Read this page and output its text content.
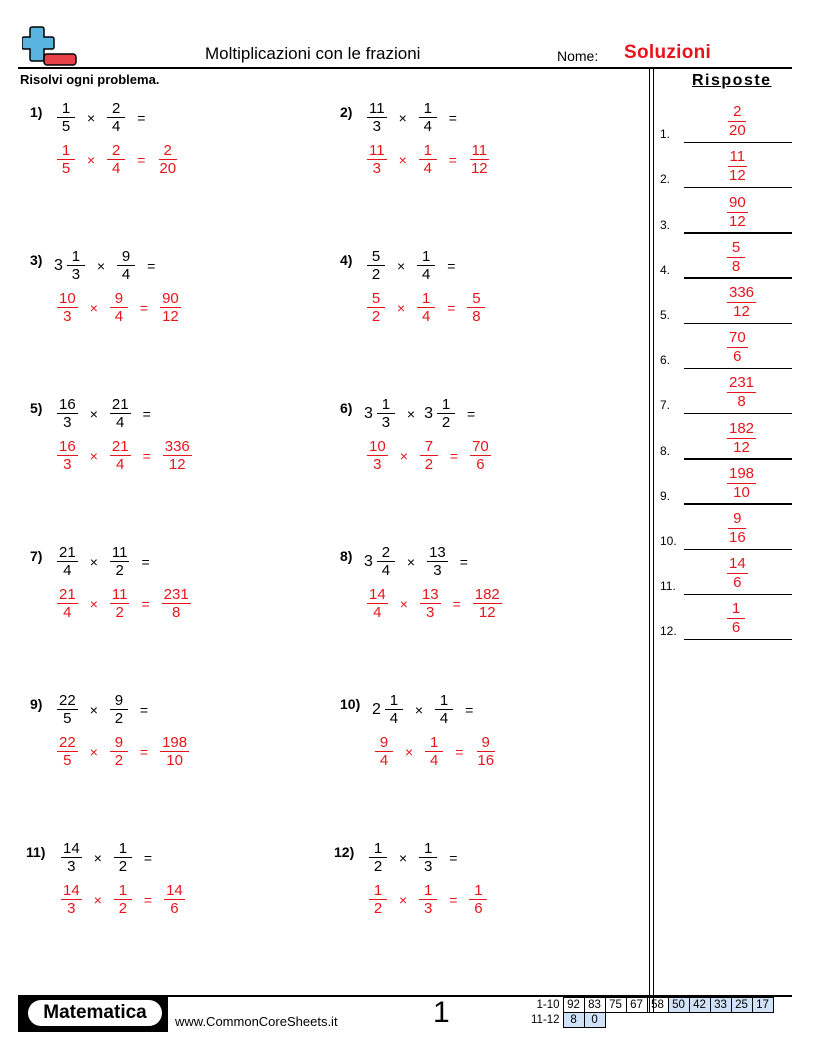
Moltiplicazioni con le frazioni	Nome: Soluzioni
Risolvi ogni problema.	Risposte
$1) \frac{1}{5} \times \frac{2}{4}$ =
$\frac{1}{5} \times \frac{2}{4} = \frac{2}{20}$
$2) \frac{11}{3} \times \frac{1}{4}$ =
$\frac{11}{3} \times \frac{1}{4} = \frac{11}{12}$
3) $3 \frac{1}{3} \times \frac{9}{4}$ =
$\frac{10}{3} \times \frac{9}{4} = \frac{90}{12}$
$4) \frac{5}{2} \times \frac{1}{4}$ =
$\frac{5}{2} \times \frac{1}{4} = \frac{5}{8}$
$5) \frac{16}{3} \times \frac{21}{4}$ =
$\frac{16}{3} \times \frac{21}{4} = \frac{336}{12}$
6) $3 \frac{1}{3} \times 3 \frac{1}{2}$ =
$\frac{10}{3} \times \frac{7}{2} = \frac{70}{6}$
$7) \frac{21}{4} \times \frac{11}{2}$ =
$\frac{21}{4} \times \frac{11}{2} = \frac{231}{8}$
8) $3 \frac{2}{4} \times \frac{13}{3}$ =
$\frac{14}{4} \times \frac{13}{3} = \frac{182}{12}$
$9) \frac{22}{5} \times \frac{9}{2}$ =
$\frac{22}{5} \times \frac{9}{2} = \frac{198}{10}$
10) $2 \frac{1}{4} \times \frac{1}{4}$ =
$\frac{9}{4} \times \frac{1}{4} = \frac{9}{16}$
$11) \frac{14}{3} \times \frac{1}{2}$ =
$\frac{14}{3} \times \frac{1}{2} = \frac{14}{6}$
$12) \frac{1}{2} \times \frac{1}{3}$ =
$\frac{1}{2} \times \frac{1}{3} = \frac{1}{6}$
1.	$\frac{2}{20}$
2.	$\frac{11}{12}$
3.	$\frac{90}{12}$
4.	$\frac{5}{8}$
5.	$\frac{336}{12}$
6.	$\frac{70}{6}$
7.	$\frac{231}{8}$
8.	$\frac{182}{12}$
9.	$\frac{198}{10}$
10.	$\frac{9}{16}$
11.	$\frac{14}{6}$
12.	$\frac{1}{6}$
Matematica	www.CommonCoreSheets.it	1	1-10	92	83	75	67	58	50	42	33	25	17
11-12	8	0								
